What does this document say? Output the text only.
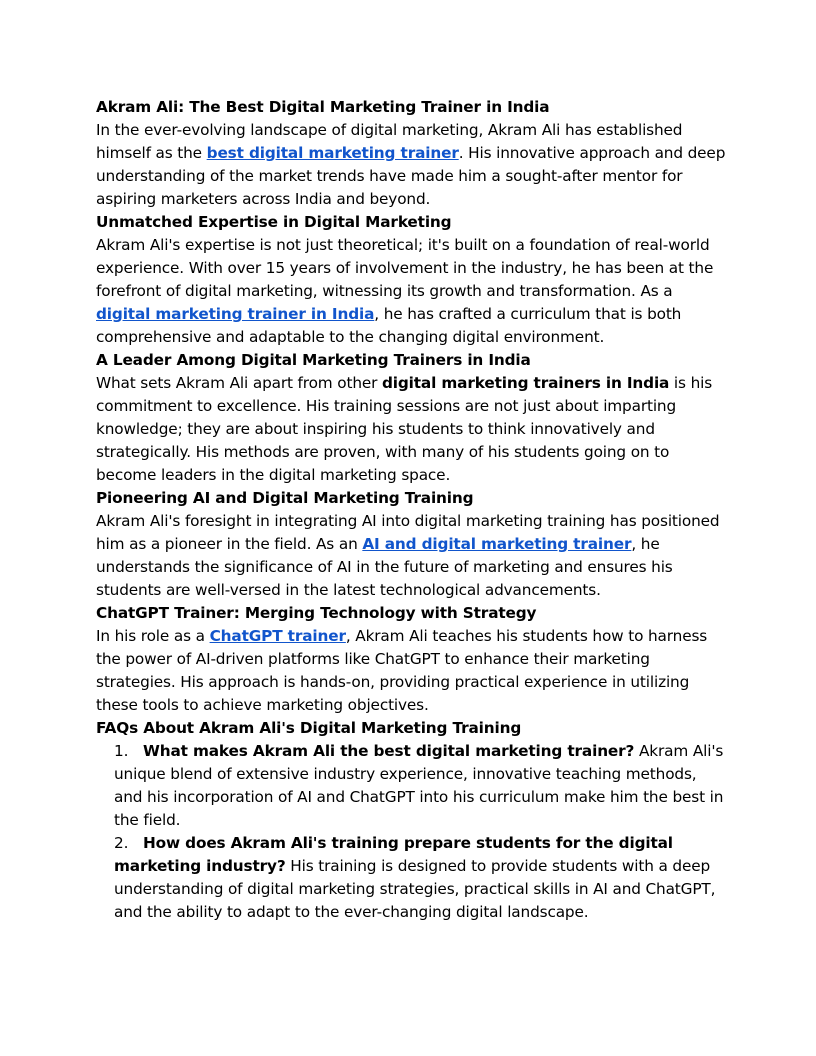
Akram Ali: The Best Digital Marketing Trainer in India

In the ever-evolving landscape of digital marketing, Akram Ali has established himself as the best digital marketing trainer. His innovative approach and deep understanding of the market trends have made him a sought-after mentor for aspiring marketers across India and beyond.

Unmatched Expertise in Digital Marketing

Akram Ali's expertise is not just theoretical; it's built on a foundation of real-world experience. With over 15 years of involvement in the industry, he has been at the forefront of digital marketing, witnessing its growth and transformation. As a digital marketing trainer in India, he has crafted a curriculum that is both comprehensive and adaptable to the changing digital environment.

A Leader Among Digital Marketing Trainers in India

What sets Akram Ali apart from other digital marketing trainers in India is his commitment to excellence. His training sessions are not just about imparting knowledge; they are about inspiring his students to think innovatively and strategically. His methods are proven, with many of his students going on to become leaders in the digital marketing space.

Pioneering AI and Digital Marketing Training

Akram Ali's foresight in integrating AI into digital marketing training has positioned him as a pioneer in the field. As an AI and digital marketing trainer, he understands the significance of AI in the future of marketing and ensures his students are well-versed in the latest technological advancements.

ChatGPT Trainer: Merging Technology with Strategy

In his role as a ChatGPT trainer, Akram Ali teaches his students how to harness the power of AI-driven platforms like ChatGPT to enhance their marketing strategies. His approach is hands-on, providing practical experience in utilizing these tools to achieve marketing objectives.

FAQs About Akram Ali's Digital Marketing Training

1. What makes Akram Ali the best digital marketing trainer? Akram Ali's unique blend of extensive industry experience, innovative teaching methods, and his incorporation of AI and ChatGPT into his curriculum make him the best in the field.
2. How does Akram Ali's training prepare students for the digital marketing industry? His training is designed to provide students with a deep understanding of digital marketing strategies, practical skills in AI and ChatGPT, and the ability to adapt to the ever-changing digital landscape.
